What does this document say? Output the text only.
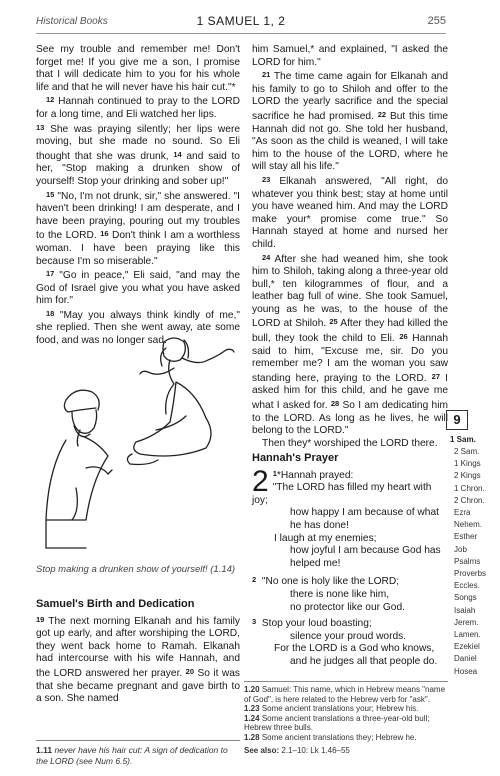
Historical Books	1 SAMUEL 1, 2	255

See my trouble and remember me! Don't forget me! If you give me a son, I promise that I will dedicate him to you for his whole life and that he will never have his hair cut."*

12 Hannah continued to pray to the LORD for a long time, and Eli watched her lips.

13 She was praying silently; her lips were moving, but she made no sound. So Eli thought that she was drunk, 14 and said to her, "Stop making a drunken show of yourself! Stop your drinking and sober up!"

15 "No, I'm not drunk, sir," she answered. "I haven't been drinking! I am desperate, and I have been praying, pouring out my troubles to the LORD. 16 Don't think I am a worthless woman. I have been praying like this because I'm so miserable."

17 "Go in peace," Eli said, "and may the God of Israel give you what you have asked him for."

18 "May you always think kindly of me," she replied. Then she went away, ate some food, and was no longer sad.

Stop making a drunken show of yourself! (1.14)
Samuel's Birth and Dedication

19 The next morning Elkanah and his family got up early, and after worshiping the LORD, they went back home to Ramah. Elkanah had intercourse with his wife Hannah, and the LORD answered her prayer. 20 So it was that she became pregnant and gave birth to a son. She named

1.11 never have his hair cut: A sign of dedication to the LORD (see Num 6.5).

him Samuel,* and explained, "I asked the LORD for him."

21 The time came again for Elkanah and his family to go to Shiloh and offer to the LORD the yearly sacrifice and the special sacrifice he had promised. 22 But this time Hannah did not go. She told her husband, "As soon as the child is weaned, I will take him to the house of the LORD, where he will stay all his life."

23 Elkanah answered, "All right, do whatever you think best; stay at home until you have weaned him. And may the LORD make your* promise come true." So Hannah stayed at home and nursed her child.

24 After she had weaned him, she took him to Shiloh, taking along a three-year old bull,* ten kilogrammes of flour, and a leather bag full of wine. She took Samuel, young as he was, to the house of the LORD at Shiloh. 25 After they had killed the bull, they took the child to Eli. 26 Hannah said to him, "Excuse me, sir. Do you remember me? I am the woman you saw standing here, praying to the LORD. 27 I asked him for this child, and he gave me what I asked for. 28 So I am dedicating him to the LORD. As long as he lives, he will belong to the LORD."

Then they* worshiped the LORD there.

9
1 Sam.
Hannah's Prayer
2 1*Hannah prayed:
"The LORD has filled my heart with joy;
how happy I am because of what he has done!
I laugh at my enemies;
how joyful I am because God has helped me!
2 "No one is holy like the LORD;
there is none like him,
no protector like our God.
3 Stop your loud boasting;
silence your proud words.
For the LORD is a God who knows,
and he judges all that people do.
1.20 Samuel: This name, which in Hebrew means "name of God", is here related to the Hebrew verb for "ask".
1.23 Some ancient translations your; Hebrew his.
1.24 Some ancient translations a three-year-old bull; Hebrew three bulls.
1.28 Some ancient translations they; Hebrew he.
See also: 2.1–10: Lk 1.46–55
2 Sam.
1 Kings
2 Kings
1 Chron.
2 Chron.
Ezra
Nehem.
Esther
Job
Psalms
Proverbs
Eccles.
Songs
Isaiah
Jerem.
Lamen.
Ezekiel
Daniel
Hosea
